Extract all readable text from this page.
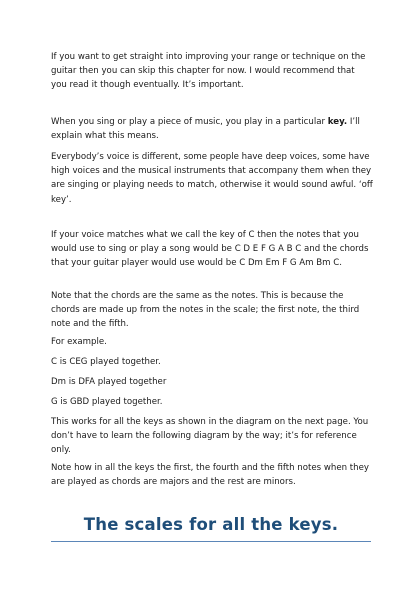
If you want to get straight into improving your range or technique on the guitar then you can skip this chapter for now. I would recommend that you read it though eventually. It’s important.

When you sing or play a piece of music, you play in a particular key. I’ll explain what this means.

Everybody’s voice is different, some people have deep voices, some have high voices and the musical instruments that accompany them when they are singing or playing needs to match, otherwise it would sound awful. ‘off key’.

If your voice matches what we call the key of C then the notes that you would use to sing or play a song would be C D E F G A B C and the chords that your guitar player would use would be C Dm Em F G Am Bm C.

Note that the chords are the same as the notes. This is because the chords are made up from the notes in the scale; the first note, the third note and the fifth.

For example.

C is CEG played together.

Dm is DFA played together

G is GBD played together.

This works for all the keys as shown in the diagram on the next page. You don’t have to learn the following diagram by the way; it’s for reference only.

Note how in all the keys the first, the fourth and the fifth notes when they are played as chords are majors and the rest are minors.

The scales for all the keys.
